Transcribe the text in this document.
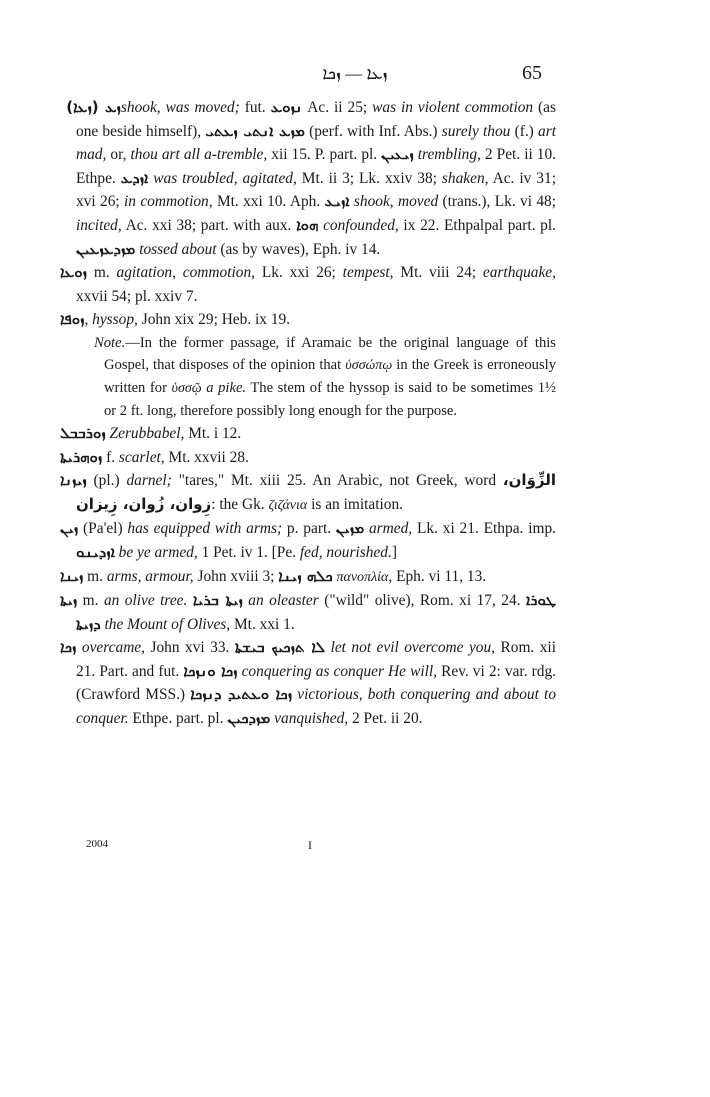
ܙܥܐ — ܙܟܐ	65

(ܙܥܐ) ܙܥ shook, was moved; fut. ܢܙܘܥ Ac. ii 25; was in violent commotion (as one beside himself), ܡܙܥ ܐܢܬܝ ܙܥܬܝ (perf. with Inf. Abs.) surely thou (f.) art mad, or, thou art all a-tremble, xii 15. P. part. pl. ܙܝܥܝܢ trembling, 2 Pet. ii 10. Ethpe. ܐܙܕܥ was troubled, agitated, Mt. ii 3; Lk. xxiv 38; shaken, Ac. iv 31; xvi 26; in commotion, Mt. xxi 10. Aph. ܐܙܝܥ shook, moved (trans.), Lk. vi 48; incited, Ac. xxi 38; part. with aux. ܗܘܐ confounded, ix 22. Ethpalpal part. pl. ܡܙܕܥܙܥܝܢ tossed about (as by waves), Eph. iv 14.

ܙܘܥܐ m. agitation, commotion, Lk. xxi 26; tempest, Mt. viii 24; earthquake, xxvii 54; pl. xxiv 7.

ܙܘܦܐ, hyssop, John xix 29; Heb. ix 19.

Note.—In the former passage, if Aramaic be the original language of this Gospel, that disposes of the opinion that ὑσσώπῳ in the Greek is erroneously written for ὑσσῷ a pike. The stem of the hyssop is said to be sometimes 1½ or 2 ft. long, therefore possibly long enough for the purpose.

ܙܘܪܒܒܠ Zerubbabel, Mt. i 12.

ܙܘܗܪܝܬܐ f. scarlet, Mt. xxvii 28.

ܙܝܙܢܐ (pl.) darnel; "tares," Mt. xiii 25. An Arabic, not Greek, word الزِّوَان، زِوان، زُوان، زِيزان: the Gk. ζιζάνια is an imitation.

ܙܝܢ (Pa'el) has equipped with arms; p. part. ܡܙܝܢ armed, Lk. xi 21. Ethpa. imp. ܐܙܕܝܢܘ be ye armed, 1 Pet. iv 1. [Pe. fed, nourished.]

ܙܝܢܐ m. arms, armour, John xviii 3; ܟܠܗ ܙܝܢܐ πανοπλία, Eph. vi 11, 13.

ܙܝܬܐ m. an olive tree. ܙܝܬܐ ܒܪܝܐ an oleaster ("wild" olive), Rom. xi 17, 24. ܛܘܪܐ ܕܙܝܬܐ the Mount of Olives, Mt. xxi 1.

ܙܟܐ overcame, John xvi 33. ܠܐ ܬܙܟܝܟ ܒܝܫܬܐ let not evil overcome you, Rom. xii 21. Part. and fut. ܙܟܐ ܘܢܙܟܐ conquering as conquer He will, Rev. vi 2: var. rdg. (Crawford MSS.) ܙܟܐ ܘܥܬܝܕ ܕܢܙܟܐ victorious, both conquering and about to conquer. Ethpe. part. pl. ܡܙܕܟܝܢ vanquished, 2 Pet. ii 20.

2004	I
